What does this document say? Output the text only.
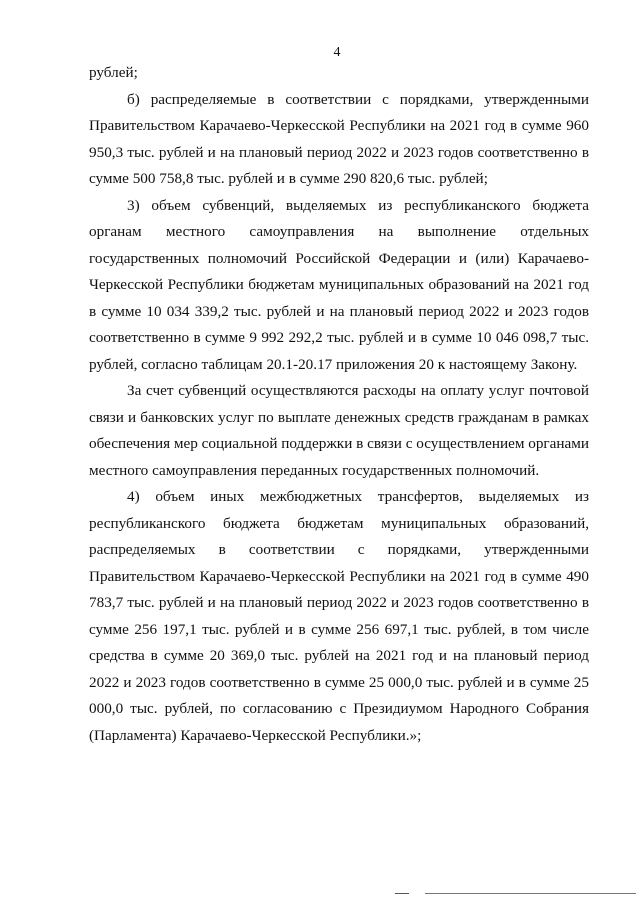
4

рублей;

б) распределяемые в соответствии с порядками, утвержденными Правительством Карачаево-Черкесской Республики на 2021 год в сумме 960 950,3 тыс. рублей и на плановый период 2022 и 2023 годов соответственно в сумме 500 758,8 тыс. рублей и в сумме 290 820,6 тыс. рублей;

3) объем субвенций, выделяемых из республиканского бюджета органам местного самоуправления на выполнение отдельных государственных полномочий Российской Федерации и (или) Карачаево-Черкесской Республики бюджетам муниципальных образований на 2021 год в сумме 10 034 339,2 тыс. рублей и на плановый период 2022 и 2023 годов соответственно в сумме 9 992 292,2 тыс. рублей и в сумме 10 046 098,7 тыс. рублей, согласно таблицам 20.1-20.17 приложения 20 к настоящему Закону.

За счет субвенций осуществляются расходы на оплату услуг почтовой связи и банковских услуг по выплате денежных средств гражданам в рамках обеспечения мер социальной поддержки в связи с осуществлением органами местного самоуправления переданных государственных полномочий.

4) объем иных межбюджетных трансфертов, выделяемых из республиканского бюджета бюджетам муниципальных образований, распределяемых в соответствии с порядками, утвержденными Правительством Карачаево-Черкесской Республики на 2021 год в сумме 490 783,7 тыс. рублей и на плановый период 2022 и 2023 годов соответственно в сумме 256 197,1 тыс. рублей и в сумме 256 697,1 тыс. рублей, в том числе средства в сумме 20 369,0 тыс. рублей на 2021 год и на плановый период 2022 и 2023 годов соответственно в сумме 25 000,0 тыс. рублей и в сумме 25 000,0 тыс. рублей, по согласованию с Президиумом Народного Собрания (Парламента) Карачаево-Черкесской Республики.»;
